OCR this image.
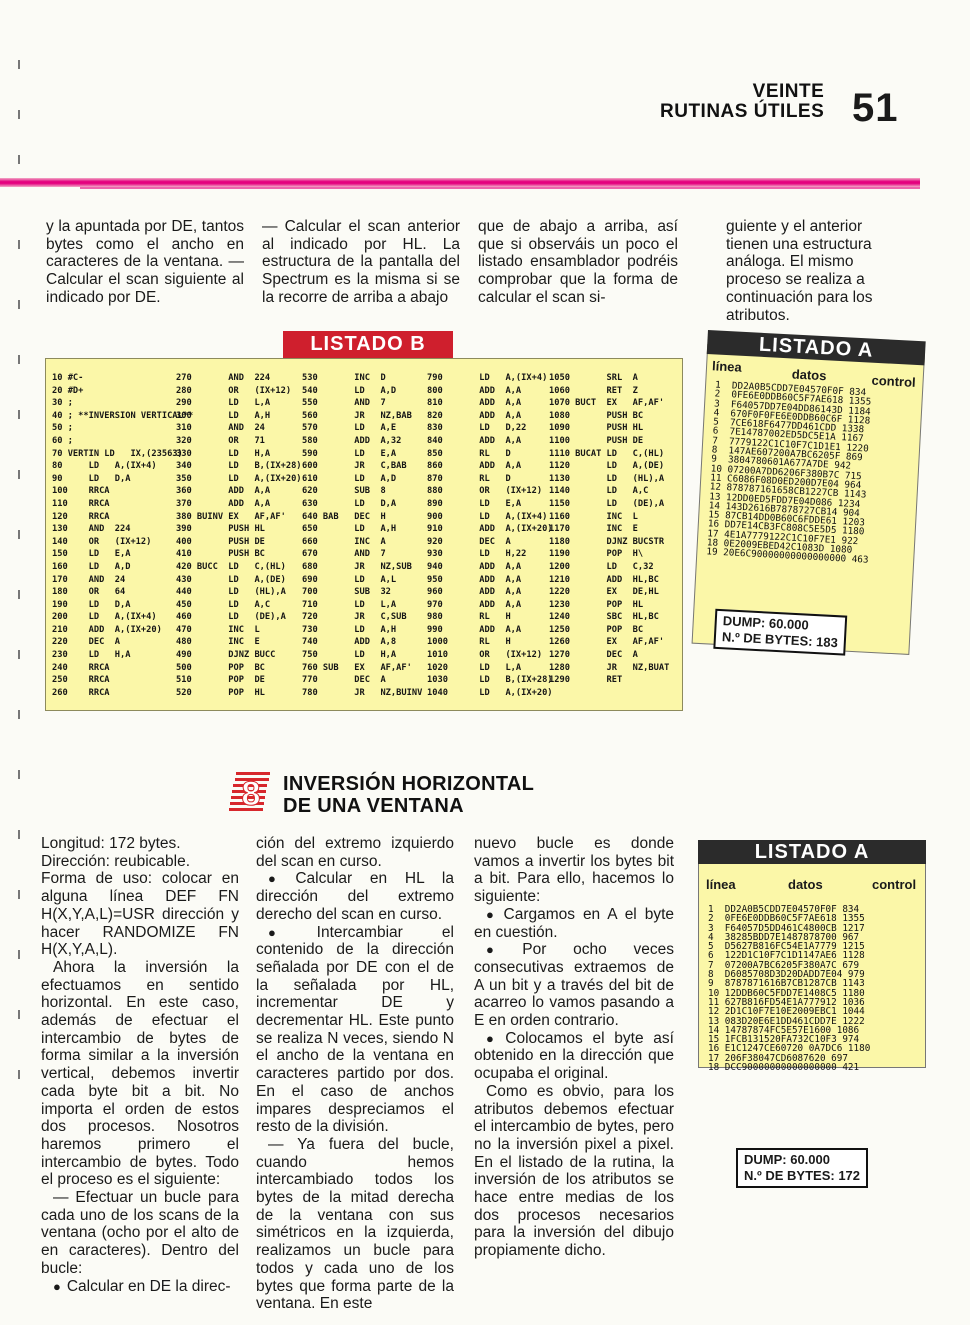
VEINTE
RUTINAS ÚTILES 51
y la apuntada por DE, tantos bytes como el ancho en caracteres de la ventana. — Calcular el scan siguiente al indicado por DE.
— Calcular el scan anterior al indicado por HL. La estructura de la pantalla del Spectrum es la misma si se la recorre de arriba a abajo
que de abajo a arriba, así que si observáis un poco el listado ensamblador podréis comprobar que la forma de calcular el scan si-
guiente y el anterior tienen una estructura análoga. El mismo proceso se realiza a continuación para los atributos.
LISTADO B
10 #C-
20 #D+
30 ;
40 ; **INVERSION VERTICAL**
50 ;
60 ;
70 VERTIN LD   IX,(23563)
80     LD   A,(IX+4)
90     LD   D,A
100    RRCA
110    RRCA
120    RRCA
130    AND  224
140    OR   (IX+12)
150    LD   E,A
160    LD   A,D
170    AND  24
180    OR   64
190    LD   D,A
200    LD   A,(IX+4)
210    ADD  A,(IX+20)
220    DEC  A
230    LD   H,A
240    RRCA
250    RRCA
260    RRCA
270       AND  224
280       OR   (IX+12)
290       LD   L,A
300       LD   A,H
310       AND  24
320       OR   71
330       LD   H,A
340       LD   B,(IX+28)
350       LD   A,(IX+20)
360       ADD  A,A
370       ADD  A,A
380 BUINV EX   AF,AF'
390       PUSH HL
400       PUSH DE
410       PUSH BC
420 BUCC  LD   C,(HL)
430       LD   A,(DE)
440       LD   (HL),A
450       LD   A,C
460       LD   (DE),A
470       INC  L
480       INC  E
490       DJNZ BUCC
500       POP  BC
510       POP  DE
520       POP  HL
530       INC  D
540       LD   A,D
550       AND  7
560       JR   NZ,BAB
570       LD   A,E
580       ADD  A,32
590       LD   E,A
600       JR   C,BAB
610       LD   A,D
620       SUB  8
630       LD   D,A
640 BAB   DEC  H
650       LD   A,H
660       INC  A
670       AND  7
680       JR   NZ,SUB
690       LD   A,L
700       SUB  32
710       LD   L,A
720       JR   C,SUB
730       LD   A,H
740       ADD  A,8
750       LD   H,A
760 SUB   EX   AF,AF'
770       DEC  A
780       JR   NZ,BUINV
790       LD   A,(IX+4)
800       ADD  A,A
810       ADD  A,A
820       ADD  A,A
830       LD   D,22
840       ADD  A,A
850       RL   D
860       ADD  A,A
870       RL   D
880       OR   (IX+12)
890       LD   E,A
900       LD   A,(IX+4)
910       ADD  A,(IX+20)
920       DEC  A
930       LD   H,22
940       ADD  A,A
950       ADD  A,A
960       ADD  A,A
970       ADD  A,A
980       RL   H
990       ADD  A,A
1000      RL   H
1010      OR   (IX+12)
1020      LD   L,A
1030      LD   B,(IX+28)
1040      LD   A,(IX+20)
1050       SRL  A
1060       RET  Z
1070 BUCT  EX   AF,AF'
1080       PUSH BC
1090       PUSH HL
1100       PUSH DE
1110 BUCAT LD   C,(HL)
1120       LD   A,(DE)
1130       LD   (HL),A
1140       LD   A,C
1150       LD   (DE),A
1160       INC  L
1170       INC  E
1180       DJNZ BUCSTR
1190       POP  H\
1200       LD   C,32
1210       ADD  HL,BC
1220       EX   DE,HL
1230       POP  HL
1240       SBC  HL,BC
1250       POP  BC
1260       EX   AF,AF'
1270       DEC  A
1280       JR   NZ,BUAT
1290       RET
LISTADO A
línea	datos	control
1  DD2A0B5CDD7E04570F0F 834
2  0FE6E0DDB60C5F7AE618 1355
3  F64057DD7E04DD86143D 1184
4  670F0F0FE6E0DDB60C6F 1128
5  7CE618F6477DD461CDD 1338
6  7E14787002ED5DC5E1A 1167
7  7779122C1C10F7C1D1E1 1220
8  147AE607200A7BC6205F 869
9  3804780601A677A7DE 942
10 07200A7DD6206F380B7C 715
11 C6086F08D0ED200D7E04 964
12 878787161658CB1227CB 1143
13 12DD0ED5FDD7E04D086 1234
14 143D2616B7878727CB14 904
15 87CB14DD0B60C6FDDE61 1203
16 DD7E14CB3FC808C5E5D5 1180
17 4E1A7779122C1C10F7E1 922
18 0E2009EBED42C1083D 1080
19 20E6C90000000000000000 463
DUMP: 60.000
N.º DE BYTES: 183
8 INVERSIÓN HORIZONTAL
DE UNA VENTANA

Longitud: 172 bytes.
Dirección: reubicable.
Forma de uso: colocar en alguna línea DEF FN H(X,Y,A,L)=USR dirección y hacer RANDOMIZE FN H(X,Y,A,L).

Ahora la inversión la efectuamos en sentido horizontal. En este caso, además de efectuar el intercambio de bytes de forma similar a la inversión vertical, debemos invertir cada byte bit a bit. No importa el orden de estos dos procesos. Nosotros haremos primero el intercambio de bytes. Todo el proceso es el siguiente:

— Efectuar un bucle para cada uno de los scans de la ventana (ocho por el alto de en caracteres). Dentro del bucle:

● Calcular en DE la direc-

ción del extremo izquierdo del scan en curso.

● Calcular en HL la dirección del extremo derecho del scan en curso.

● Intercambiar el contenido de la dirección señalada por DE con el de la señalada por HL, incrementar DE y decrementar HL. Este punto se realiza N veces, siendo N el ancho de la ventana en caracteres partido por dos. En el caso de anchos impares despreciamos el resto de la división.

— Ya fuera del bucle, cuando hemos intercambiado todos los bytes de la mitad derecha de la ventana con sus simétricos en la izquierda, realizamos un bucle para todos y cada uno de los bytes que forma parte de la ventana. En este

nuevo bucle es donde vamos a invertir los bytes bit a bit. Para ello, hacemos lo siguiente:

● Cargamos en A el byte en cuestión.

● Por ocho veces consecutivas extraemos de A un bit y a través del bit de acarreo lo vamos pasando a E en orden contrario.

● Colocamos el byte así obtenido en la dirección que ocupaba el original.

Como es obvio, para los atributos debemos efectuar el intercambio de bytes, pero no la inversión pixel a pixel. En el listado de la rutina, la inversión de los atributos se hace entre medias de los dos procesos necesarios para la inversión del dibujo propiamente dicho.

LISTADO A
línea	datos	control
1  DD2A0B5CDD7E04570F0F 834
2  0FE6E0DDB60C5F7AE618 1355
3  F64057D5DD461C4800CB 1217
4  38285BDD7E1487878700 967
5  D5627B816FC54E1A7779 1215
6  122D1C10F7C1D1147AE6 1128
7  07200A7BC6205F380A7C 679
8  D6085708D3D20DADD7E04 979
9  8787871616B7CB1287CB 1143
10 12DDB60C5FDD7E1408C5 1180
11 627B816FD54E1A777912 1036
12 2D1C10F7E10E2009EBC1 1044
13 083D20E6E1DD461CDD7E 1222
14 14787874FC5E57E1600 1086
15 1FCB131520FA732C10F3 974
16 E1C1247CE60720 0A7DC6 1180
17 206F38047CD6087620 697
18 DCC90000000000000000 421
DUMP: 60.000
N.º DE BYTES: 172
